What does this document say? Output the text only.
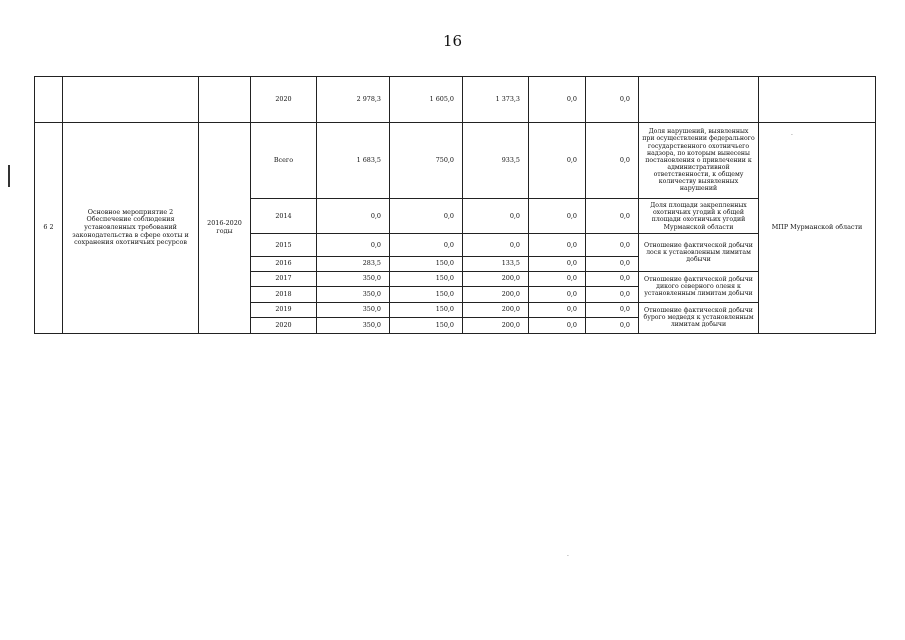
16
			2020	2 978,3	1 605,0	1 373,3	0,0	0,0		
6 2	Основное мероприятие 2 Обеспечение соблюдения установленных требований законодательства в сфере охоты и сохранения охотничьих ресурсов	2016-2020 годы	Всего	1 683,5	750,0	933,5	0,0	0,0	Доля нарушений, выявленных при осуществлении федерального государственного охотничьего надзора, по которым вынесены постановления о привлечении к административной ответственности, к общему количеству выявленных нарушений	МПР Мурманской области
			2014	0,0	0,0	0,0	0,0	0,0	Доля площади закрепленных охотничьих угодий к общей площади охотничьих угодий Мурманской области	
			2015	0,0	0,0	0,0	0,0	0,0	Отношение фактической добычи лося к установленным лимитам добычи	
			2016	283,5	150,0	133,5	0,0	0,0		
			2017	350,0	150,0	200,0	0,0	0,0	Отношение фактической добычи дикого северного оленя к установленным лимитам добычи	
			2018	350,0	150,0	200,0	0,0	0,0		
			2019	350,0	150,0	200,0	0,0	0,0	Отношение фактической добычи бурого медведя к установленным лимитам добычи	
			2020	350,0	150,0	200,0	0,0	0,0		
·
·
